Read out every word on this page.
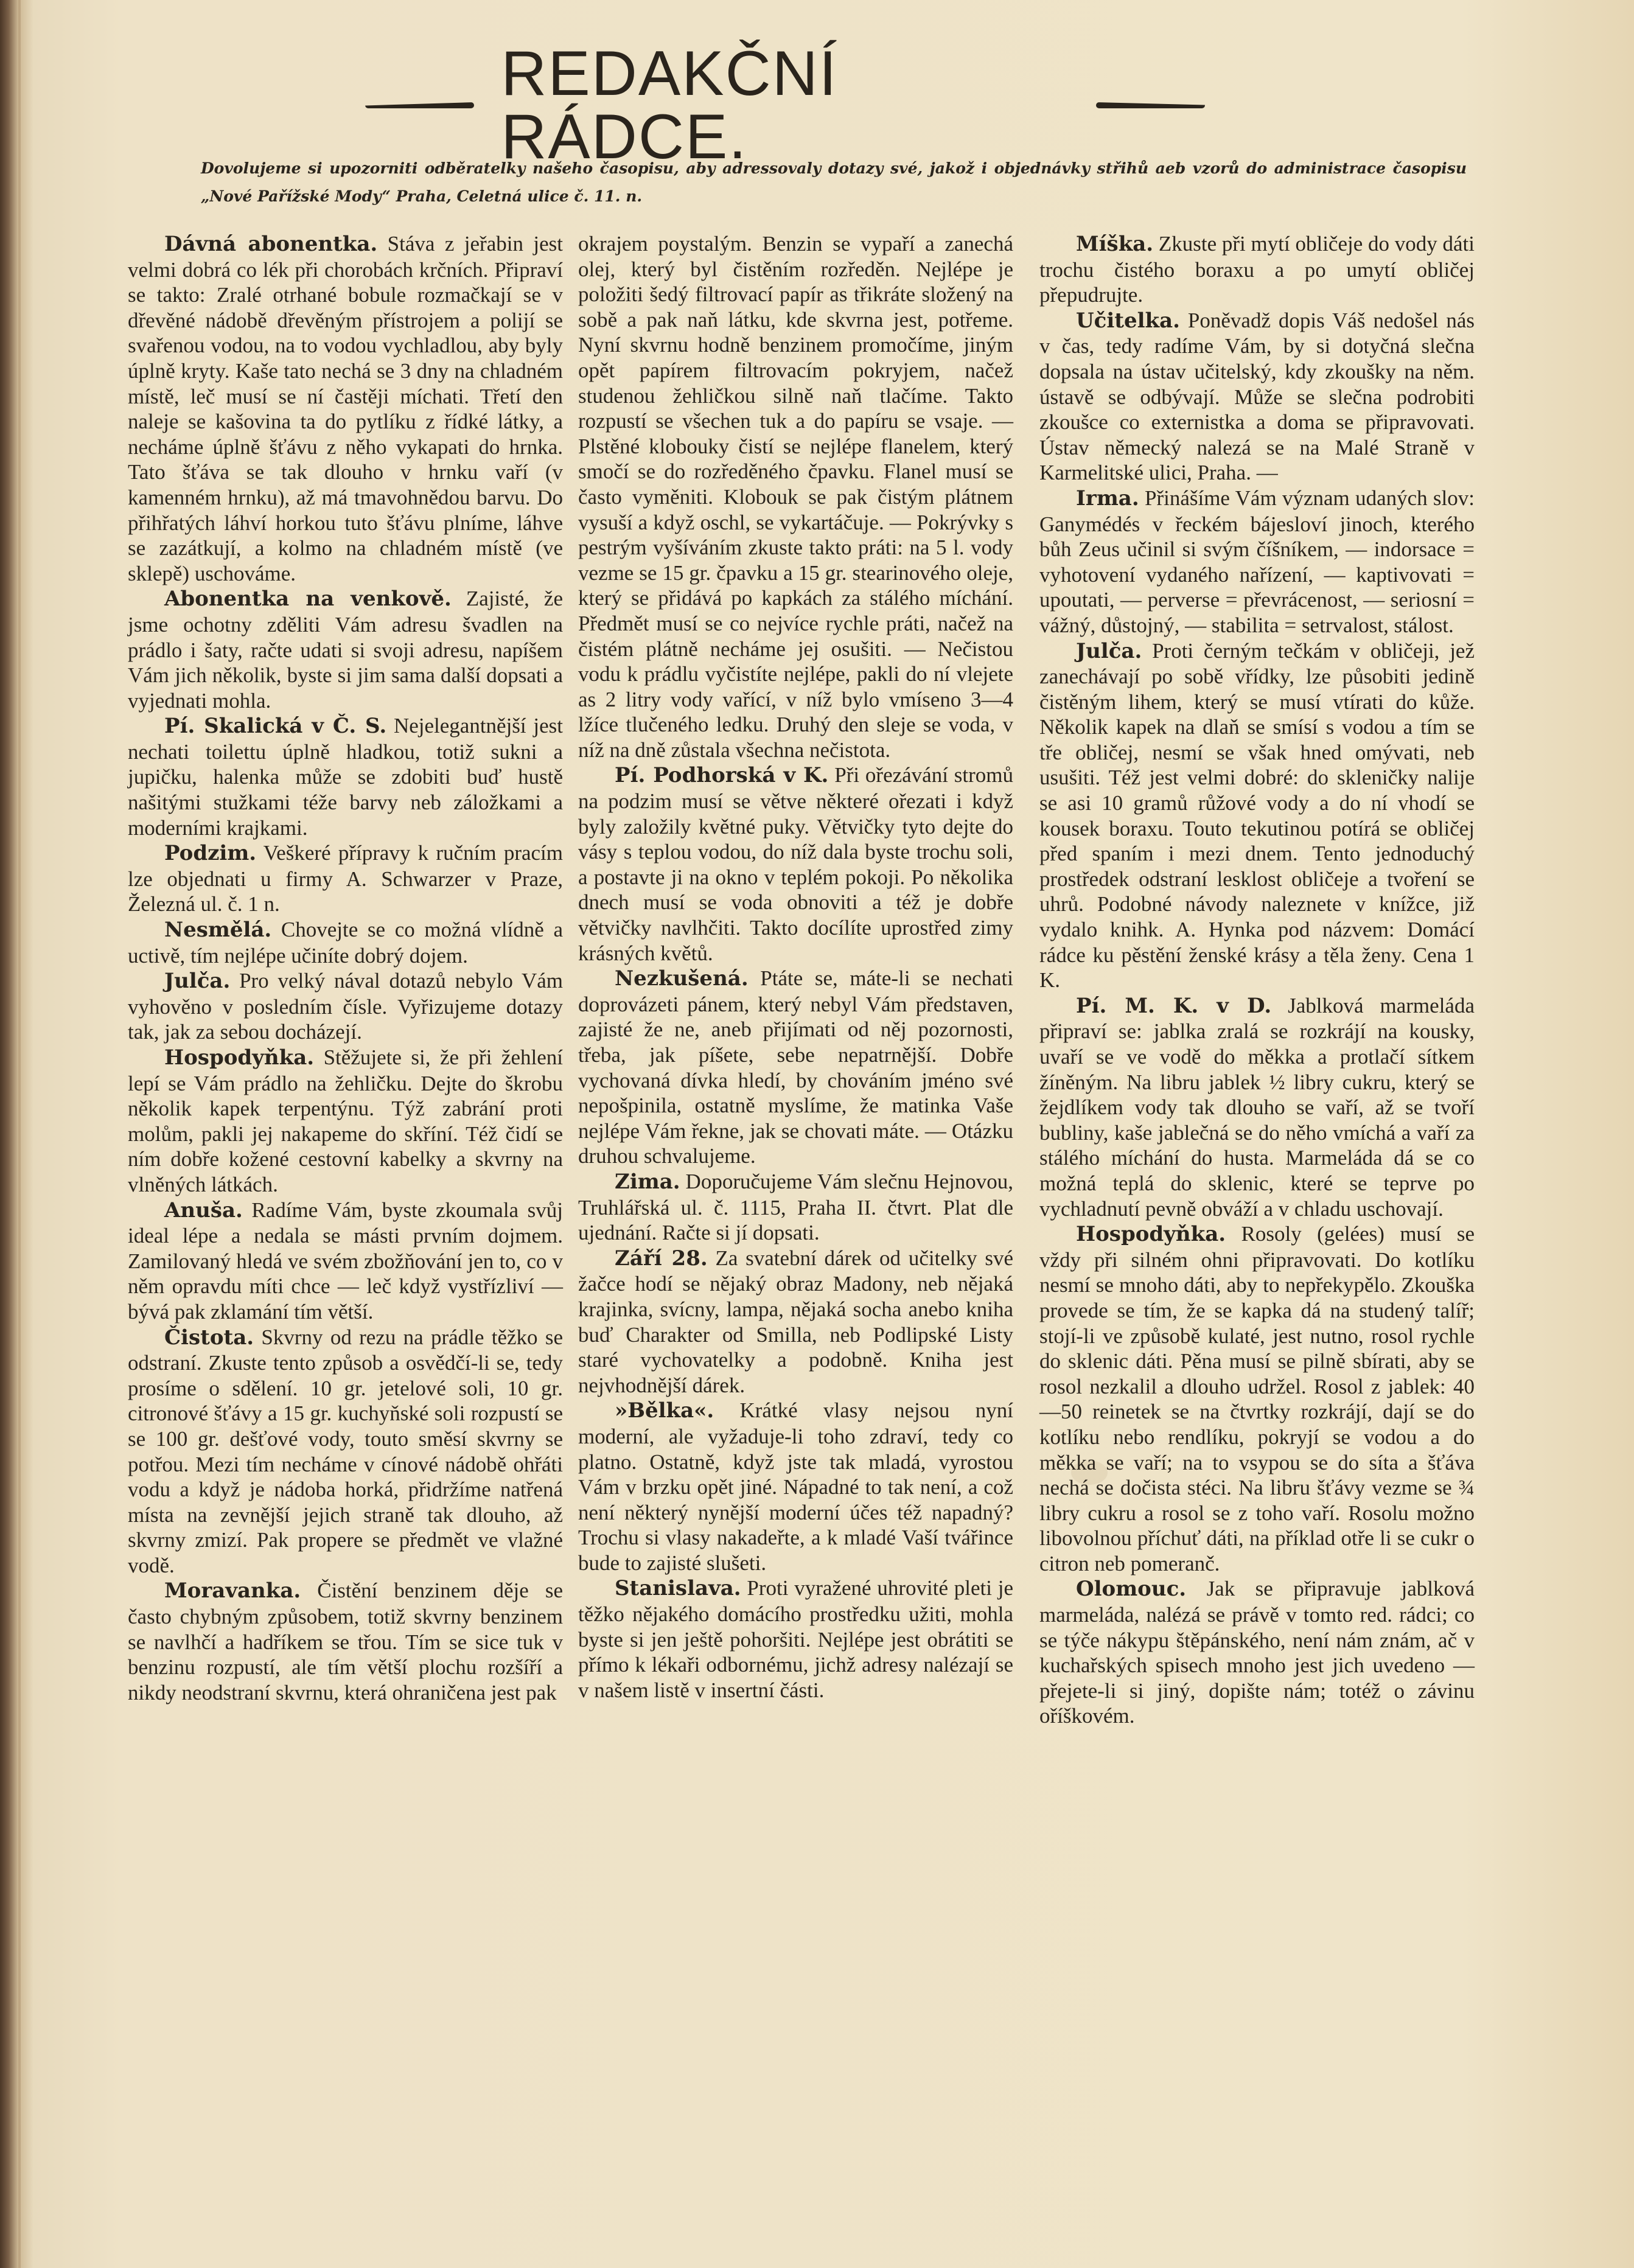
REDAKČNÍ RÁDCE.
Dovolujeme si upozorniti odběratelky našeho časopisu, aby adressovaly dotazy své, jakož i objednávky střihů aeb vzorů do administrace časopisu „Nové Pařížské Mody“ Praha, Celetná ulice č. 11. n.

Dávná abonentka. Stáva z jeřabin jest velmi dobrá co lék při chorobách krčních. Připraví se takto: Zralé otrhané bobule rozmačkají se v dřevěné nádobě dřevěným přístrojem a polijí se svařenou vodou, na to vodou vychladlou, aby byly úplně kryty. Kaše tato nechá se 3 dny na chladném místě, leč musí se ní častěji míchati. Třetí den naleje se kašovina ta do pytlíku z řídké látky, a necháme úplně šťávu z něho vykapati do hrnka. Tato šťáva se tak dlouho v hrnku vaří (v kamenném hrnku), až má tmavohnědou barvu. Do přihřatých láhví horkou tuto šťávu plníme, láhve se zazátkují, a kolmo na chladném místě (ve sklepě) uschováme.

Abonentka na venkově. Zajisté, že jsme ochotny zděliti Vám adresu švadlen na prádlo i šaty, račte udati si svoji adresu, napíšem Vám jich několik, byste si jim sama další dopsati a vyjednati mohla.

Pí. Skalická v Č. S. Nejelegantnější jest nechati toilettu úplně hladkou, totiž sukni a jupičku, halenka může se zdobiti buď hustě našitými stužkami téže barvy neb záložkami a moderními krajkami.

Podzim. Veškeré přípravy k ručním pracím lze objednati u firmy A. Schwarzer v Praze, Železná ul. č. 1 n.

Nesmělá. Chovejte se co možná vlídně a uctivě, tím nejlépe učiníte dobrý dojem.

Julča. Pro velký nával dotazů nebylo Vám vyhověno v posledním čísle. Vyřizujeme dotazy tak, jak za sebou docházejí.

Hospodyňka. Stěžujete si, že při žehlení lepí se Vám prádlo na žehličku. Dejte do škrobu několik kapek terpentýnu. Týž zabrání proti molům, pakli jej nakapeme do skříní. Též čidí se ním dobře kožené cestovní kabelky a skvrny na vlněných látkách.

Anuša. Radíme Vám, byste zkoumala svůj ideal lépe a nedala se másti prvním dojmem. Zamilovaný hledá ve svém zbožňování jen to, co v něm opravdu míti chce — leč když vystřízliví — bývá pak zklamání tím větší.

Čistota. Skvrny od rezu na prádle těžko se odstraní. Zkuste tento způsob a osvědčí-li se, tedy prosíme o sdělení. 10 gr. jetelové soli, 10 gr. citronové šťávy a 15 gr. kuchyňské soli rozpustí se se 100 gr. dešťové vody, touto směsí skvrny se potřou. Mezi tím necháme v cínové nádobě ohřáti vodu a když je nádoba horká, přidržíme natřená místa na zevnější jejich straně tak dlouho, až skvrny zmizí. Pak propere se předmět ve vlažné vodě.

Moravanka. Čistění benzinem děje se často chybným způsobem, totiž skvrny benzinem se navlhčí a hadříkem se třou. Tím se sice tuk v benzinu rozpustí, ale tím větší plochu rozšíří a nikdy neodstraní skvrnu, která ohraničena jest pak

okrajem poystalým. Benzin se vypaří a zanechá olej, který byl čistěním rozředěn. Nejlépe je položiti šedý filtrovací papír as třikráte složený na sobě a pak naň látku, kde skvrna jest, potřeme. Nyní skvrnu hodně benzinem promočíme, jiným opět papírem filtrovacím pokryjem, načež studenou žehličkou silně naň tlačíme. Takto rozpustí se všechen tuk a do papíru se vsaje. — Plstěné klobouky čistí se nejlépe flanelem, který smočí se do rozředěného čpavku. Flanel musí se často vyměniti. Klobouk se pak čistým plátnem vysuší a když oschl, se vykartáčuje. — Pokrývky s pestrým vyšíváním zkuste takto práti: na 5 l. vody vezme se 15 gr. čpavku a 15 gr. stearinového oleje, který se přidává po kapkách za stálého míchání. Předmět musí se co nejvíce rychle práti, načež na čistém plátně necháme jej osušiti. — Nečistou vodu k prádlu vyčistíte nejlépe, pakli do ní vlejete as 2 litry vody vařící, v níž bylo vmíseno 3—4 lžíce tlučeného ledku. Druhý den sleje se voda, v níž na dně zůstala všechna nečistota.

Pí. Podhorská v K. Při ořezávání stromů na podzim musí se větve některé ořezati i když byly založily květné puky. Větvičky tyto dejte do vásy s teplou vodou, do níž dala byste trochu soli, a postavte ji na okno v teplém pokoji. Po několika dnech musí se voda obnoviti a též je dobře větvičky navlhčiti. Takto docílíte uprostřed zimy krásných květů.

Nezkušená. Ptáte se, máte-li se nechati doprovázeti pánem, který nebyl Vám představen, zajisté že ne, aneb přijímati od něj pozornosti, třeba, jak píšete, sebe nepatrnější. Dobře vychovaná dívka hledí, by chováním jméno své nepošpinila, ostatně myslíme, že matinka Vaše nejlépe Vám řekne, jak se chovati máte. — Otázku druhou schvalujeme.

Zima. Doporučujeme Vám slečnu Hejnovou, Truhlářská ul. č. 1115, Praha II. čtvrt. Plat dle ujednání. Račte si jí dopsati.

Září 28. Za svatební dárek od učitelky své žačce hodí se nějaký obraz Madony, neb nějaká krajinka, svícny, lampa, nějaká socha anebo kniha buď Charakter od Smilla, neb Podlipské Listy staré vychovatelky a podobně. Kniha jest nejvhodnější dárek.

»Bělka«. Krátké vlasy nejsou nyní moderní, ale vyžaduje-li toho zdraví, tedy co platno. Ostatně, když jste tak mladá, vyrostou Vám v brzku opět jiné. Nápadné to tak není, a což není některý nynější moderní účes též napadný? Trochu si vlasy nakadeřte, a k mladé Vaší tvářince bude to zajisté slušeti.

Stanislava. Proti vyražené uhrovité pleti je těžko nějakého domácího prostředku užiti, mohla byste si jen ještě pohoršiti. Nejlépe jest obrátiti se přímo k lékaři odbornému, jichž adresy nalézají se v našem listě v insertní části.

Míška. Zkuste při mytí obličeje do vody dáti trochu čistého boraxu a po umytí obličej přepudrujte.

Učitelka. Poněvadž dopis Váš nedošel nás v čas, tedy radíme Vám, by si dotyčná slečna dopsala na ústav učitelský, kdy zkoušky na něm. ústavě se odbývají. Může se slečna podrobiti zkoušce co externistka a doma se připravovati. Ústav německý nalezá se na Malé Straně v Karmelitské ulici, Praha. —

Irma. Přinášíme Vám význam udaných slov: Ganymédés v řeckém bájesloví jinoch, kterého bůh Zeus učinil si svým číšníkem, — indorsace = vyhotovení vydaného nařízení, — kaptivovati = upoutati, — perverse = převrácenost, — seriosní = vážný, důstojný, — stabilita = setrvalost, stálost.

Julča. Proti černým tečkám v obličeji, jež zanechávají po sobě vřídky, lze působiti jedině čistěným lihem, který se musí vtírati do kůže. Několik kapek na dlaň se smísí s vodou a tím se tře obličej, nesmí se však hned omývati, neb usušiti. Též jest velmi dobré: do skleničky nalije se asi 10 gramů růžové vody a do ní vhodí se kousek boraxu. Touto tekutinou potírá se obličej před spaním i mezi dnem. Tento jednoduchý prostředek odstraní lesklost obličeje a tvoření se uhrů. Podobné návody naleznete v knížce, již vydalo knihk. A. Hynka pod názvem: Domácí rádce ku pěstění ženské krásy a těla ženy. Cena 1 K.

Pí. M. K. v D. Jablková marmeláda připraví se: jablka zralá se rozkrájí na kousky, uvaří se ve vodě do měkka a protlačí sítkem žíněným. Na libru jablek ½ libry cukru, který se žejdlíkem vody tak dlouho se vaří, až se tvoří bubliny, kaše jablečná se do něho vmíchá a vaří za stálého míchání do husta. Marmeláda dá se co možná teplá do sklenic, které se teprve po vychladnutí pevně obváží a v chladu uschovají.

Hospodyňka. Rosoly (gelées) musí se vždy při silném ohni připravovati. Do kotlíku nesmí se mnoho dáti, aby to nepřekypělo. Zkouška provede se tím, že se kapka dá na studený talíř; stojí-li ve způsobě kulaté, jest nutno, rosol rychle do sklenic dáti. Pěna musí se pilně sbírati, aby se rosol nezkalil a dlouho udržel. Rosol z jablek: 40—50 reinetek se na čtvrtky rozkrájí, dají se do kotlíku nebo rendlíku, pokryjí se vodou a do měkka se vaří; na to vsypou se do síta a šťáva nechá se dočista stéci. Na libru šťávy vezme se ¾ libry cukru a rosol se z toho vaří. Rosolu možno libovolnou příchuť dáti, na příklad otře li se cukr o citron neb pomeranč.

Olomouc. Jak se připravuje jablková marmeláda, nalézá se právě v tomto red. rádci; co se týče nákypu štěpánského, není nám znám, ač v kuchařských spisech mnoho jest jich uvedeno — přejete-li si jiný, dopište nám; totéž o závinu oříškovém.
